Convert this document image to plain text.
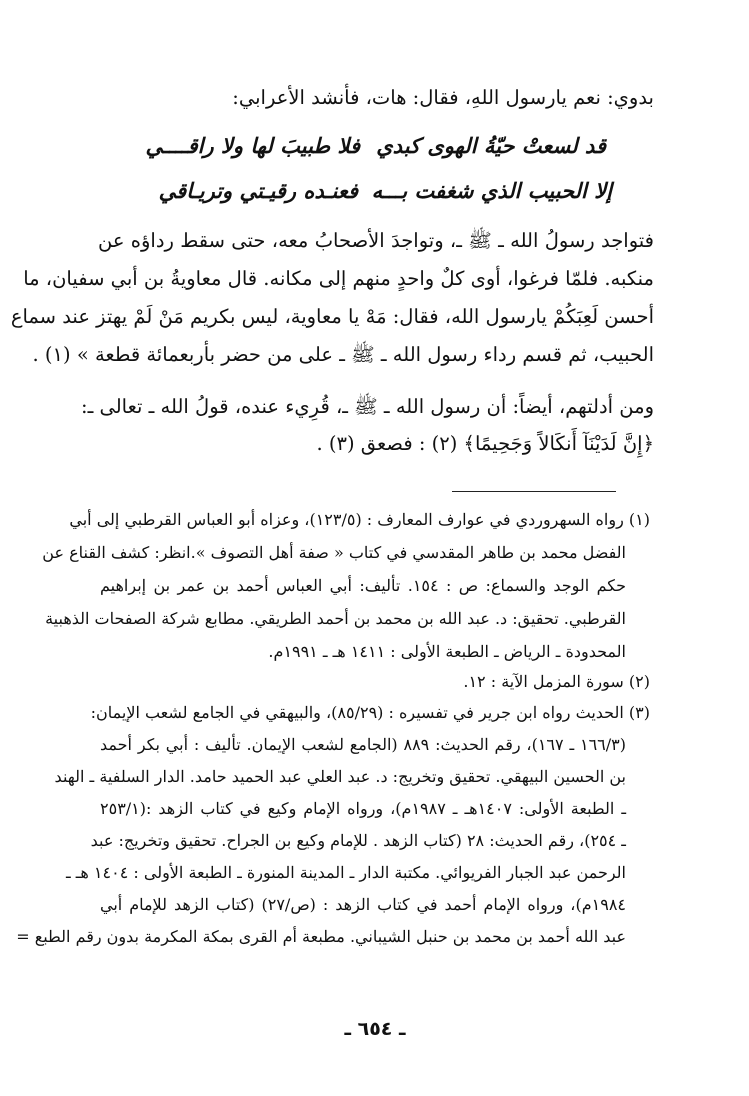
بدوي: نعم يارسول اللهِ، فقال: هات، فأنشد الأعرابي:
قد لسعتْ حيّةُ الهوى كبدي
فلا طبيبَ لها ولا راقــــي
إلا الحبيب الذي شغفت بـــه
فعنـده رقيـتي وتريـاقي
فتواجد رسولُ الله ـ ﷺ ـ، وتواجدَ الأصحابُ معه، حتى سقط رداؤه عن
منكبه. فلمّا فرغوا، أوى كلٌ واحدٍ منهم إلى مكانه. قال معاويةُ بن أبي سفيان، ما
أحسن لَعِبَكُمْ يارسول الله، فقال: مَهْ يا معاوية، ليس بكريم مَنْ لَمْ يهتز عند سماع
الحبيب، ثم قسم رداء رسول الله ـ ﷺ ـ على من حضر بأربعمائة قطعة » (١) .
ومن أدلتهم، أيضاً: أن رسول الله ـ ﷺ ـ، قُرِيء عنده، قولُ الله ـ تعالى ـ:
﴿إِنَّ لَدَيْنَآ أَنكَالاً وَجَحِيمًا﴾ (٢) : فصعق (٣) .
(١) رواه السهروردي في عوارف المعارف : (١٢٣/٥)، وعزاه أبو العباس القرطبي إلى أبي
الفضل محمد بن طاهر المقدسي في كتاب « صفة أهل التصوف ».انظر: كشف القناع عن
حكم الوجد والسماع: ص : ١٥٤. تأليف: أبي العباس أحمد بن عمر بن إبراهيم
القرطبي. تحقيق: د. عبد الله بن محمد بن أحمد الطريقي. مطابع شركة الصفحات الذهبية
المحدودة ـ الرياض ـ الطبعة الأولى : ١٤١١ هـ ـ ١٩٩١م.
(٢) سورة المزمل الآية : ١٢.
(٣) الحديث رواه ابن جرير في تفسيره : (٨٥/٢٩)، والبيهقي في الجامع لشعب الإيمان:
(١٦٦/٣ ـ ١٦٧)، رقم الحديث: ٨٨٩ (الجامع لشعب الإيمان. تأليف : أبي بكر أحمد
بن الحسين البيهقي. تحقيق وتخريج: د. عبد العلي عبد الحميد حامد. الدار السلفية ـ الهند
ـ الطبعة الأولى: ١٤٠٧هـ ـ ١٩٨٧م)، ورواه الإمام وكيع في كتاب الزهد :(٢٥٣/١
ـ ٢٥٤)، رقم الحديث: ٢٨ (كتاب الزهد . للإمام وكيع بن الجراح. تحقيق وتخريج: عبد
الرحمن عبد الجبار الفريوائي. مكتبة الدار ـ المدينة المنورة ـ الطبعة الأولى : ١٤٠٤ هـ ـ
١٩٨٤م)، ورواه الإمام أحمد في كتاب الزهد : (ص/٢٧) (كتاب الزهد للإمام أبي
عبد الله أحمد بن محمد بن حنبل الشيباني. مطبعة أم القرى بمكة المكرمة بدون رقم الطبع =
ـ ٦٥٤ ـ
